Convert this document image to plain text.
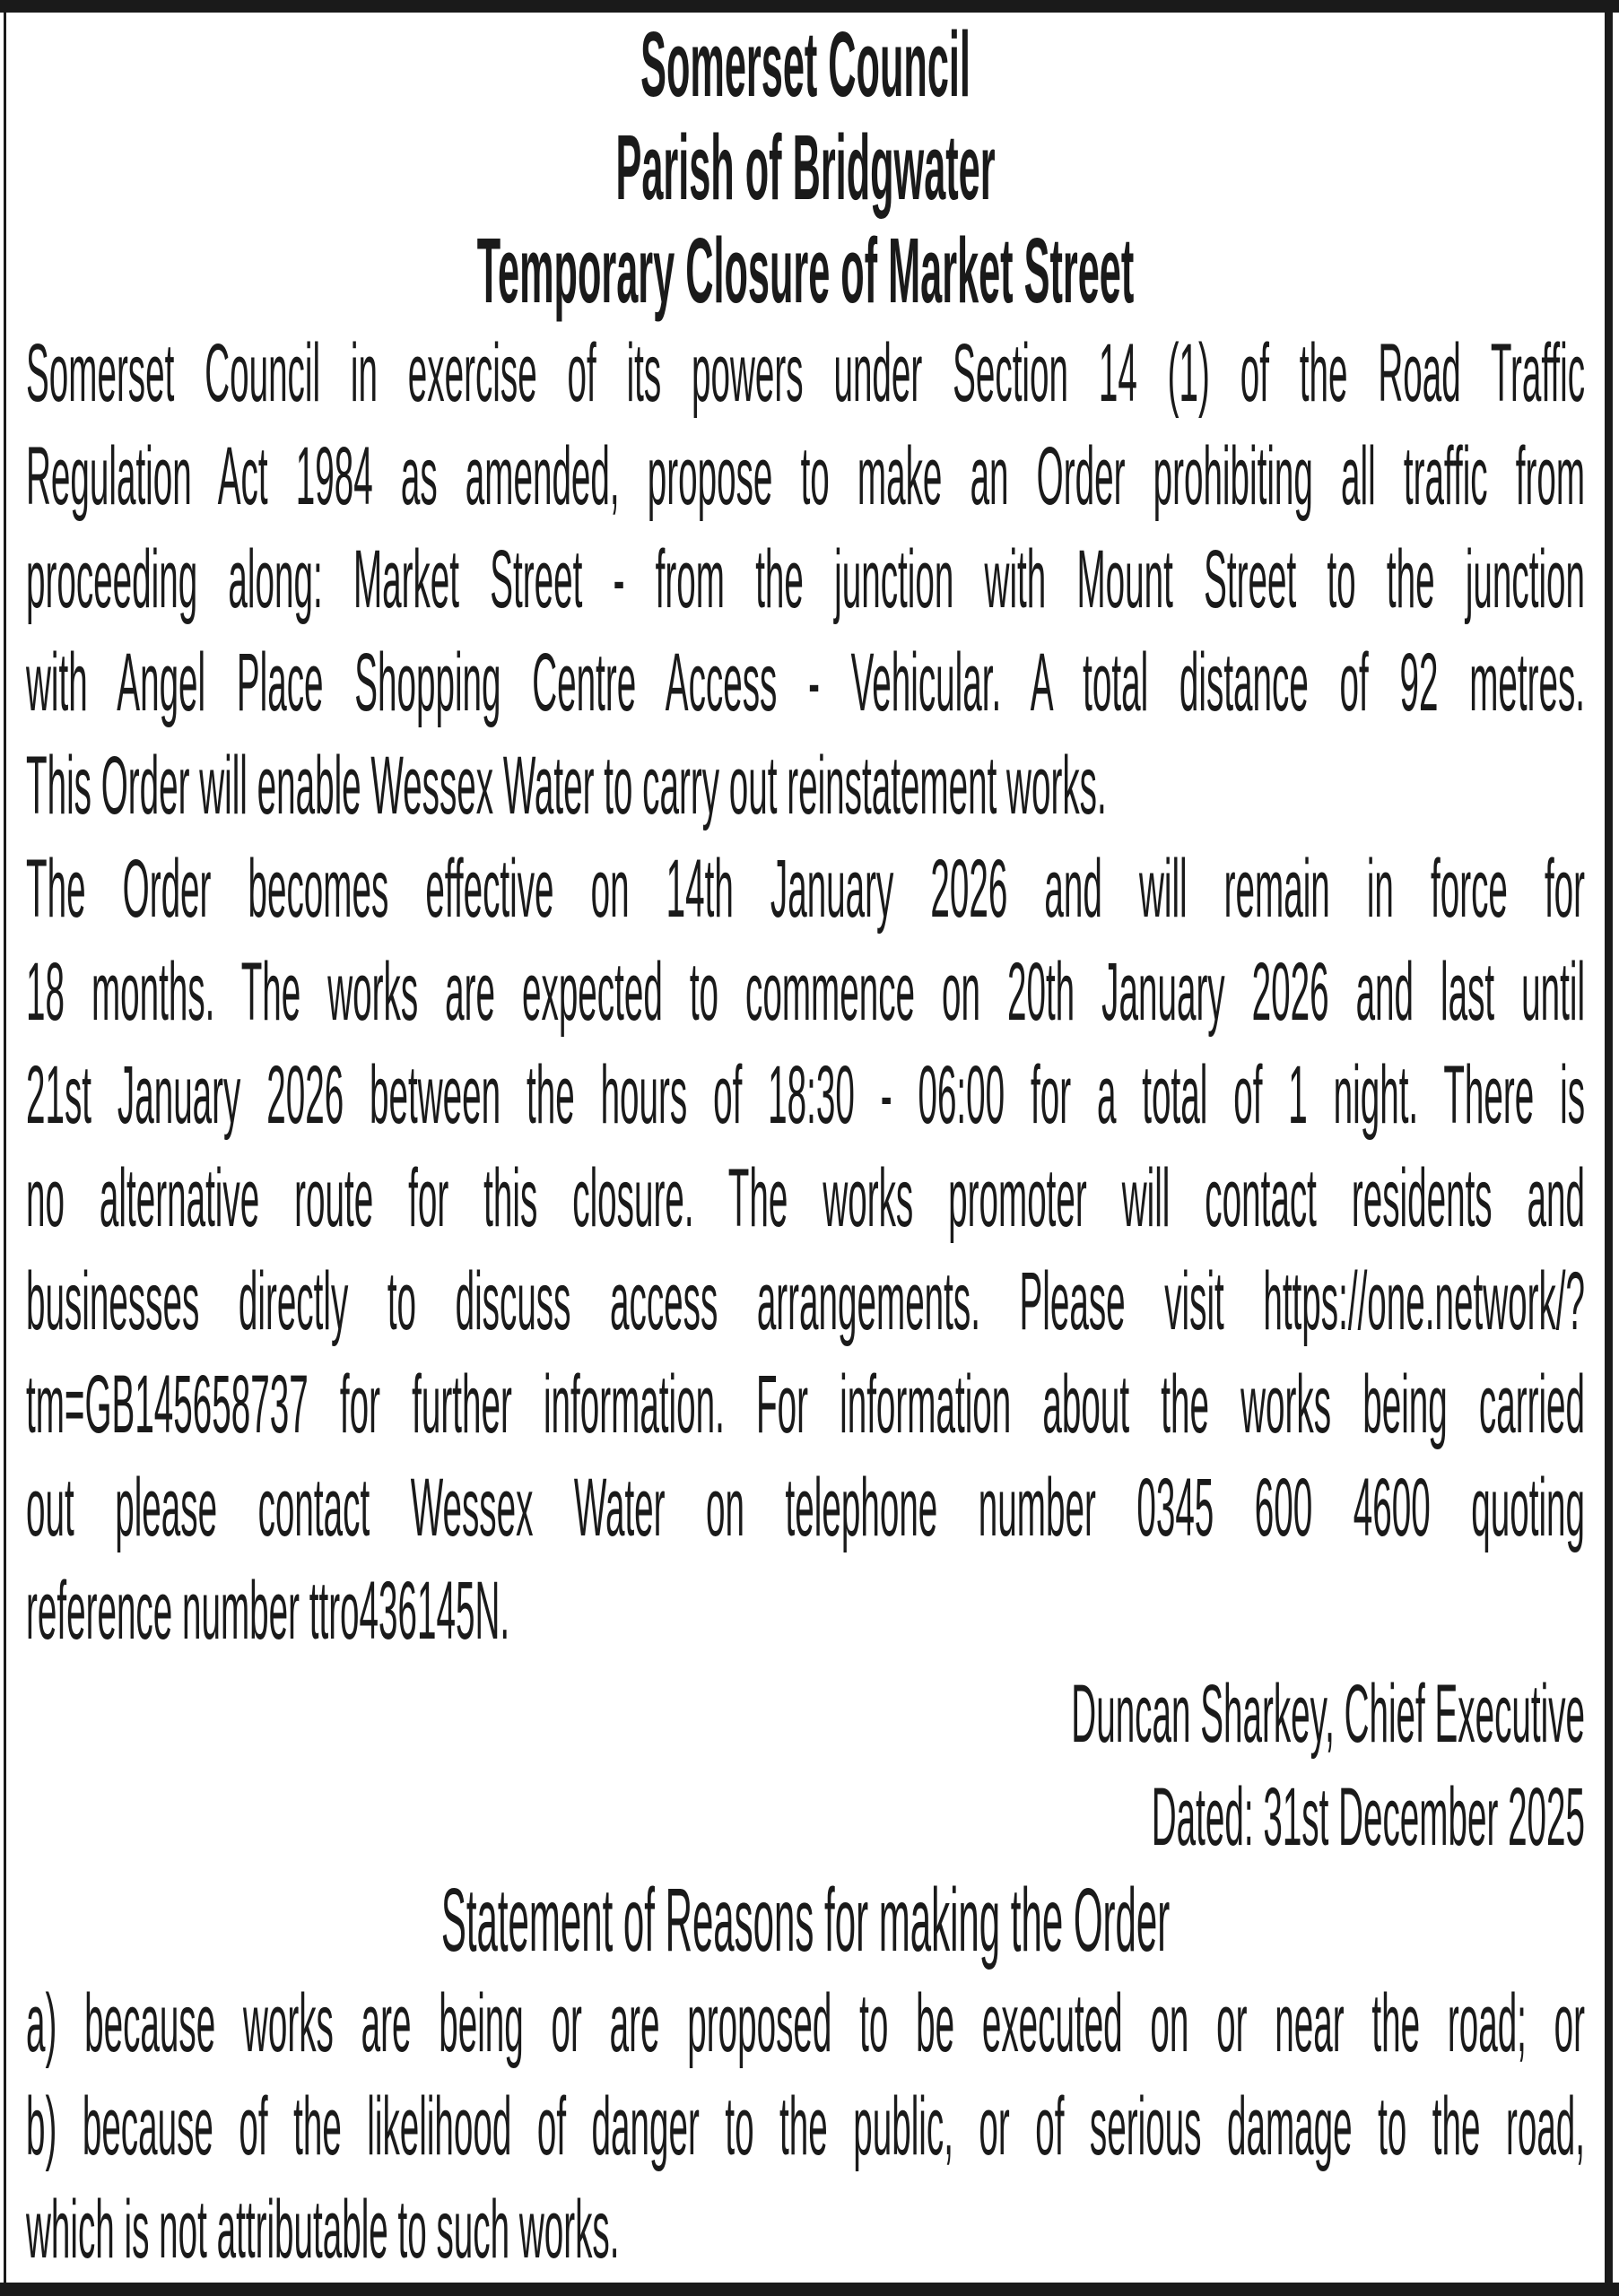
Somerset Council
Parish of Bridgwater
Temporary Closure of Market Street
Somerset Council in exercise of its powers under Section 14 (1) of the Road Traffic
Regulation Act 1984 as amended, propose to make an Order prohibiting all traffic from
proceeding along: Market Street - from the junction with Mount Street to the junction
with Angel Place Shopping Centre Access - Vehicular. A total distance of 92 metres.
This Order will enable Wessex Water to carry out reinstatement works.
The Order becomes effective on 14th January 2026 and will remain in force for
18 months. The works are expected to commence on 20th January 2026 and last until
21st January 2026 between the hours of 18:30 - 06:00 for a total of 1 night. There is
no alternative route for this closure. The works promoter will contact residents and
businesses directly to discuss access arrangements. Please visit https://one.network/?
tm=GB145658737 for further information. For information about the works being carried
out please contact Wessex Water on telephone number 0345 600 4600 quoting
reference number ttro436145N.
Duncan Sharkey, Chief Executive
Dated: 31st December 2025
Statement of Reasons for making the Order
a) because works are being or are proposed to be executed on or near the road; or
b) because of the likelihood of danger to the public, or of serious damage to the road,
which is not attributable to such works.
